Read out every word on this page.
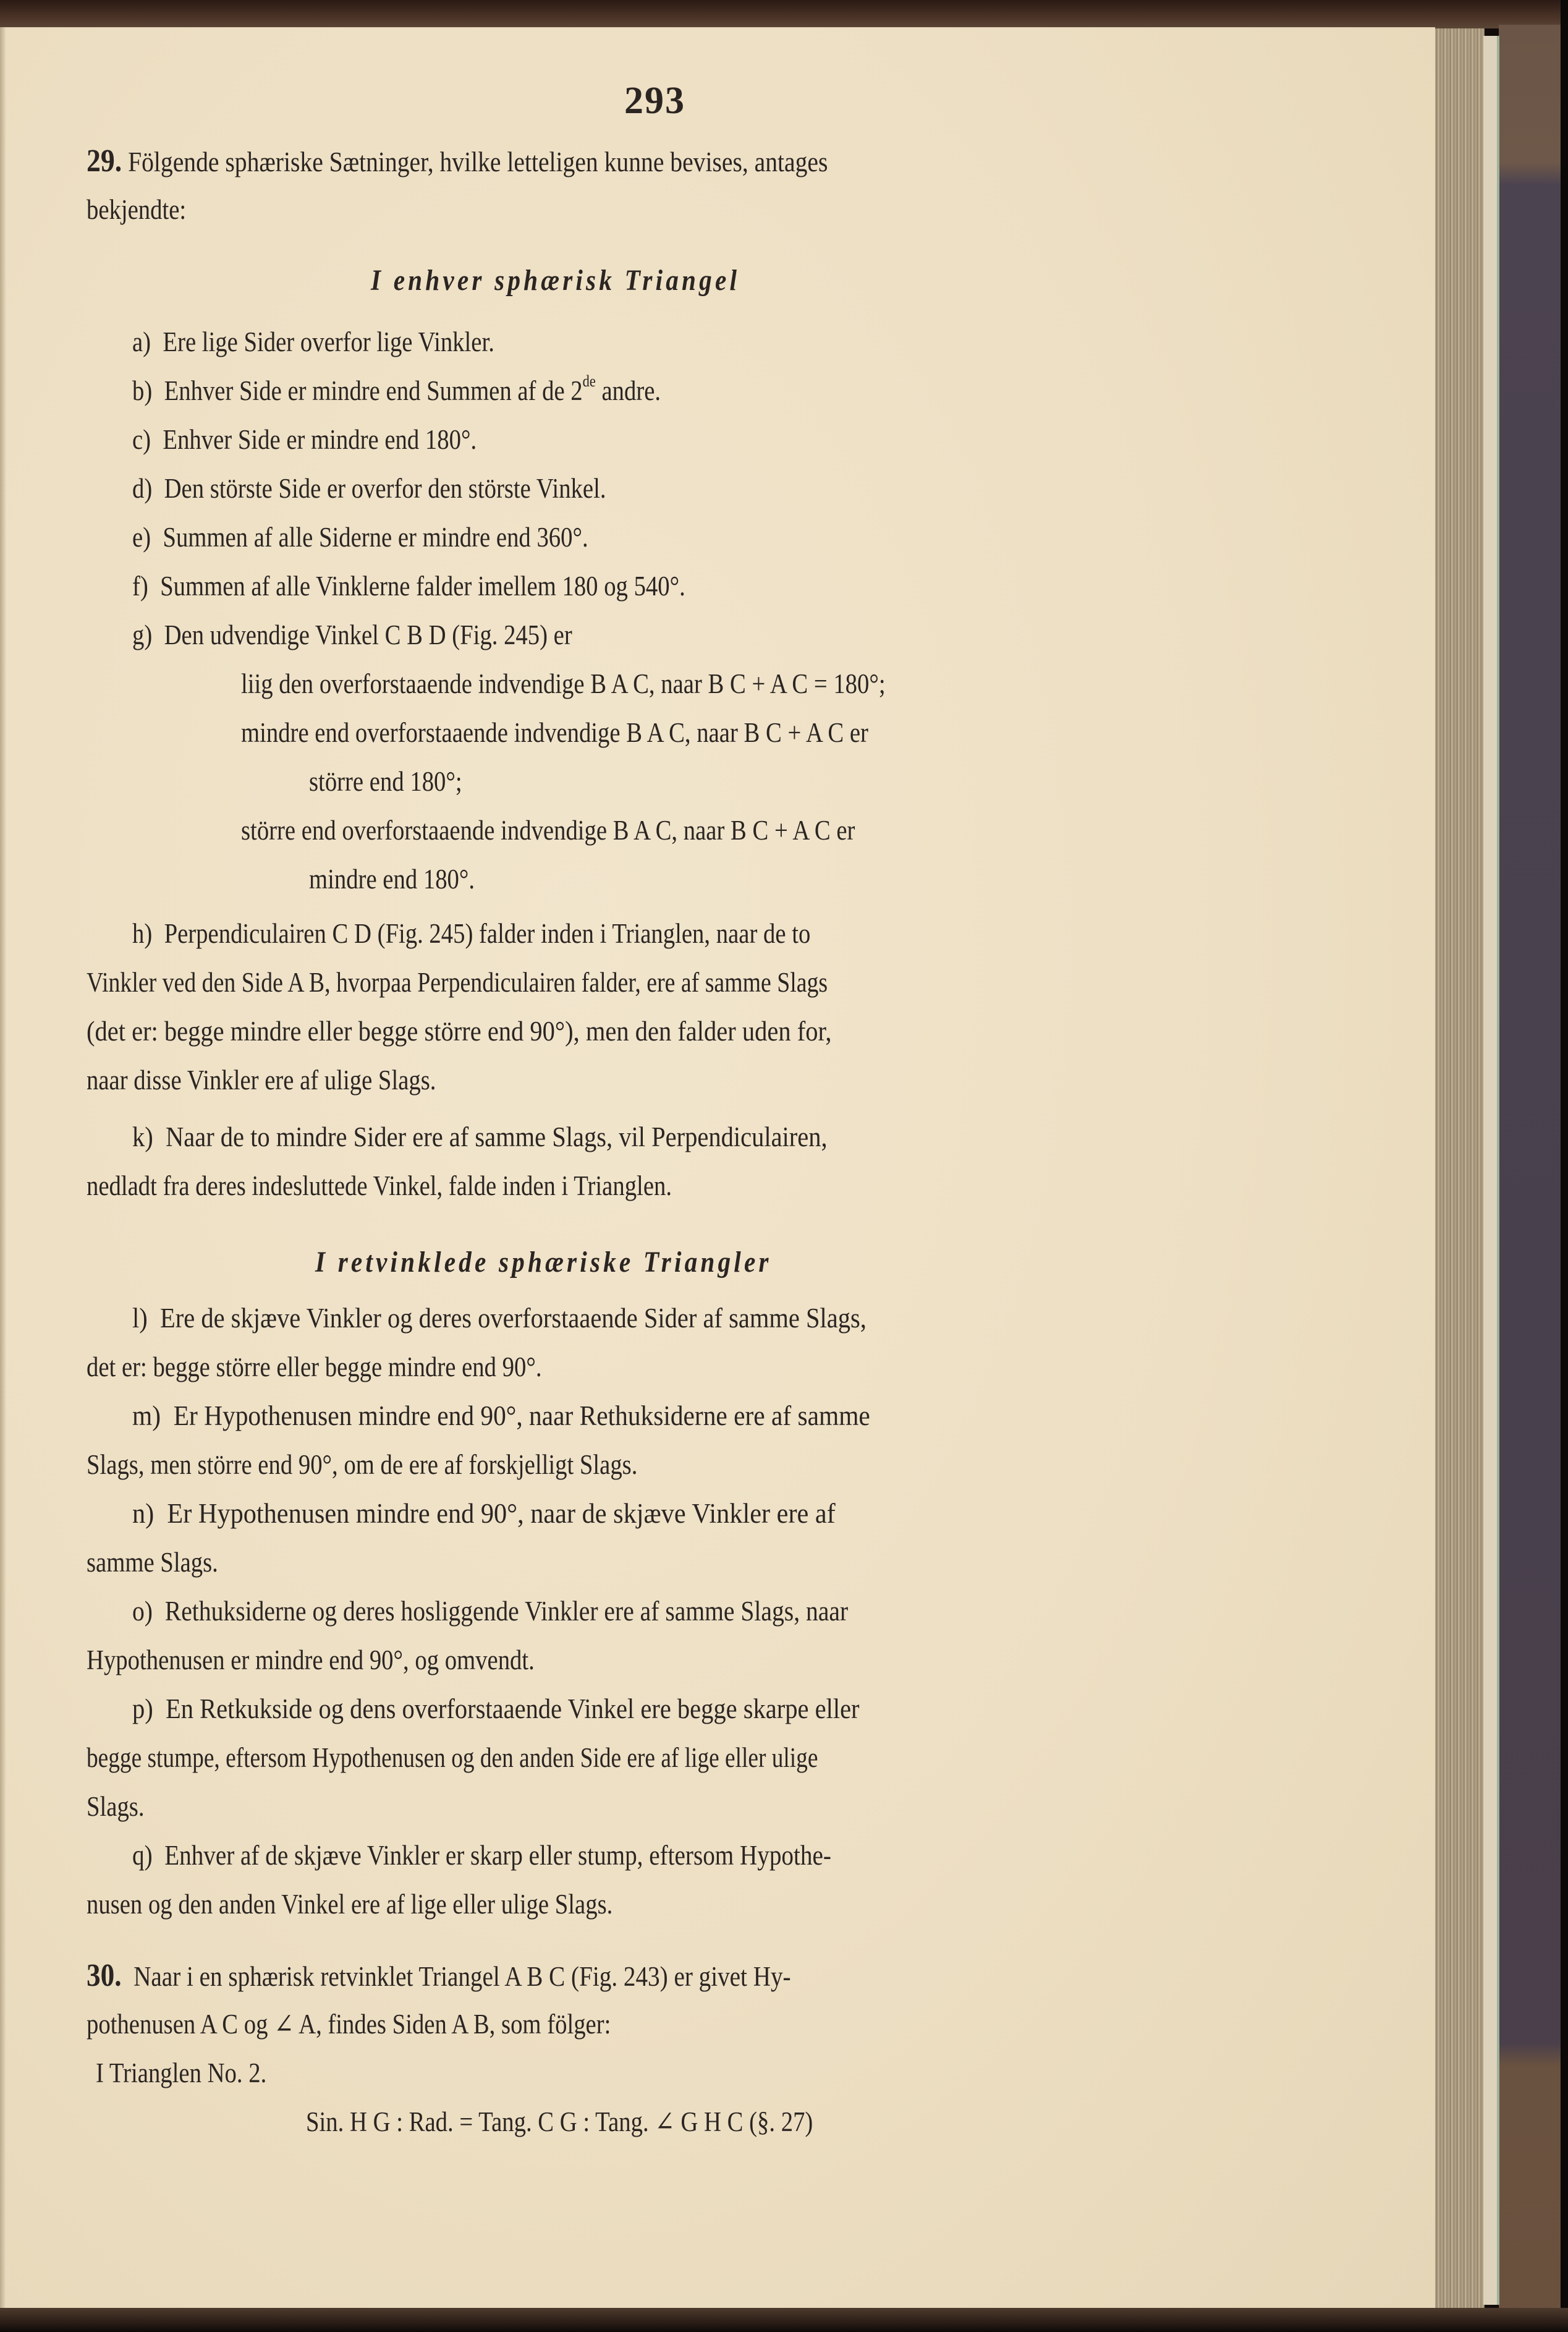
293
29. Fölgende sphæriske Sætninger, hvilke letteligen kunne bevises, antages
bekjendte:
I enhver sphærisk Triangel
a) Ere lige Sider overfor lige Vinkler.
b) Enhver Side er mindre end Summen af de 2de andre.
c) Enhver Side er mindre end 180°.
d) Den störste Side er overfor den störste Vinkel.
e) Summen af alle Siderne er mindre end 360°.
f) Summen af alle Vinklerne falder imellem 180 og 540°.
g) Den udvendige Vinkel C B D (Fig. 245) er
liig den overforstaaende indvendige B A C, naar B C + A C = 180°;
mindre end overforstaaende indvendige B A C, naar B C + A C er
större end 180°;
större end overforstaaende indvendige B A C, naar B C + A C er
mindre end 180°.
h) Perpendiculairen C D (Fig. 245) falder inden i Trianglen, naar de to
Vinkler ved den Side A B, hvorpaa Perpendiculairen falder, ere af samme Slags
(det er: begge mindre eller begge större end 90°), men den falder uden for,
naar disse Vinkler ere af ulige Slags.
k) Naar de to mindre Sider ere af samme Slags, vil Perpendiculairen,
nedladt fra deres indesluttede Vinkel, falde inden i Trianglen.
I retvinklede sphæriske Triangler
l) Ere de skjæve Vinkler og deres overforstaaende Sider af samme Slags,
det er: begge större eller begge mindre end 90°.
m) Er Hypothenusen mindre end 90°, naar Rethuksiderne ere af samme
Slags, men större end 90°, om de ere af forskjelligt Slags.
n) Er Hypothenusen mindre end 90°, naar de skjæve Vinkler ere af
samme Slags.
o) Rethuksiderne og deres hosliggende Vinkler ere af samme Slags, naar
Hypothenusen er mindre end 90°, og omvendt.
p) En Retkukside og dens overforstaaende Vinkel ere begge skarpe eller
begge stumpe, eftersom Hypothenusen og den anden Side ere af lige eller ulige
Slags.
q) Enhver af de skjæve Vinkler er skarp eller stump, eftersom Hypothe-
nusen og den anden Vinkel ere af lige eller ulige Slags.
30. Naar i en sphærisk retvinklet Triangel A B C (Fig. 243) er givet Hy-
pothenusen A C og ∠ A, findes Siden A B, som fölger:
I Trianglen No. 2.
Sin. H G : Rad. = Tang. C G : Tang. ∠ G H C (§. 27)
